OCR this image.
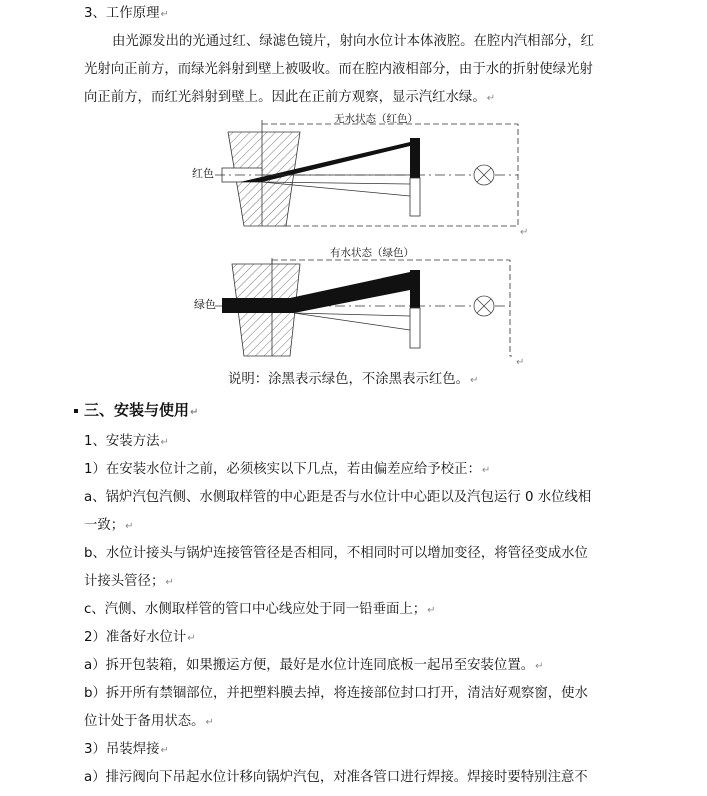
3、工作原理↵
由光源发出的光通过红、绿滤色镜片，射向水位计本体液腔。在腔内汽相部分，红
光射向正前方，而绿光斜射到壁上被吸收。而在腔内液相部分，由于水的折射使绿光射
向正前方，而红光斜射到壁上。因此在正前方观察，显示汽红水绿。↵
无水状态（红色）
红色
↵
有水状态（绿色）
绿色
↵
说明：涂黑表示绿色，不涂黑表示红色。↵
三、安装与使用↵
1、安装方法↵
1）在安装水位计之前，必须核实以下几点，若由偏差应给予校正：↵
a、锅炉汽包汽侧、水侧取样管的中心距是否与水位计中心距以及汽包运行 0 水位线相
一致；↵
b、水位计接头与锅炉连接管管径是否相同，不相同时可以增加变径，将管径变成水位
计接头管径；↵
c、汽侧、水侧取样管的管口中心线应处于同一铅垂面上；↵
2）准备好水位计↵
a）拆开包装箱，如果搬运方便，最好是水位计连同底板一起吊至安装位置。↵
b）拆开所有禁锢部位，并把塑料膜去掉，将连接部位封口打开，清洁好观察窗，使水
位计处于备用状态。↵
3）吊装焊接↵
a）排污阀向下吊起水位计移向锅炉汽包，对准各管口进行焊接。焊接时要特别注意不
